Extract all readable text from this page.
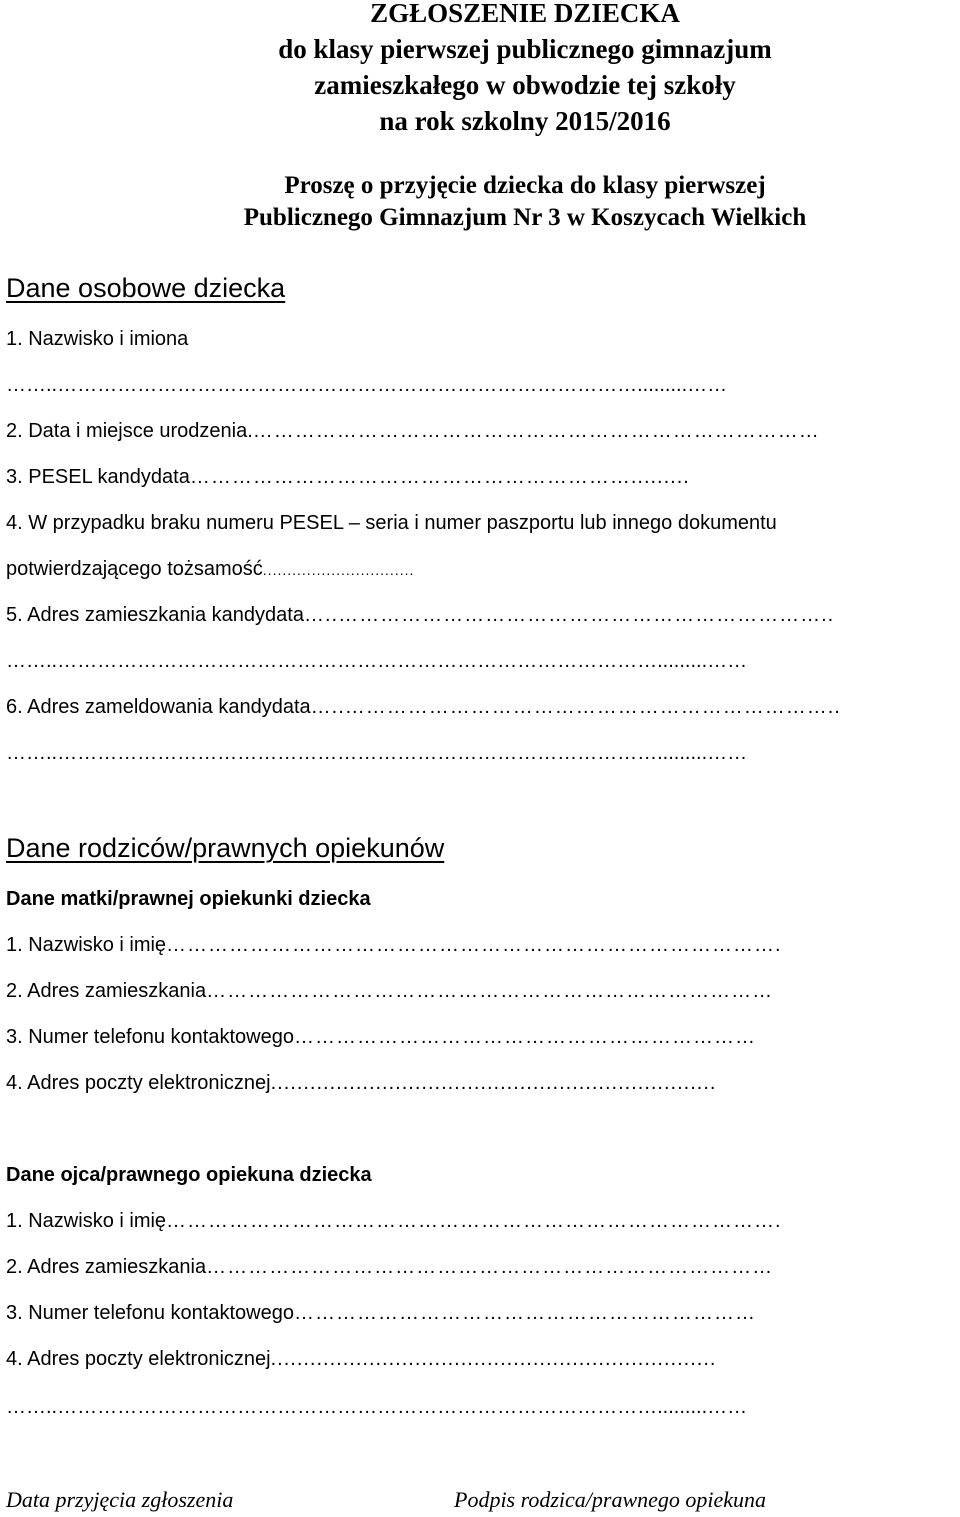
ZGŁOSZENIE DZIECKA
do klasy pierwszej publicznego gimnazjum
zamieszkałego w obwodzie tej szkoły
na rok szkolny 2015/2016
Proszę o przyjęcie dziecka do klasy pierwszej
Publicznego Gimnazjum Nr 3 w Koszycach Wielkich
Dane osobowe dziecka
1. Nazwisko i imiona
……..…………………………………………………………………………….........……
2. Data i miejsce urodzenia. ………………………………………………………………………
3. PESEL kandydata ……………………………………………………….........
4. W przypadku braku numeru PESEL – seria i numer paszportu lub innego dokumentu
potwierdzającego tożsamość ...............................
5. Adres zamieszkania kandydata …..……………………………………………………………..
……..……………………………………………………………………………….........……
6. Adres zameldowania kandydata …..……………………………………………………………..
……..……………………………………………………………………………….........……
Dane rodziców/prawnych opiekunów
Dane matki/prawnej opiekunki dziecka
1. Nazwisko i imię …………………………………………………………………………….
2. Adres zamieszkania ………………………………………………………………………
3. Numer telefonu kontaktowego …………………………………………………………
4. Adres poczty elektronicznej ....................................................................
Dane ojca/prawnego opiekuna dziecka
1. Nazwisko i imię …………………………………………………………………………….
2. Adres zamieszkania ………………………………………………………………………
3. Numer telefonu kontaktowego …………………………………………………………
4. Adres poczty elektronicznej ....................................................................
……..……………………………………………………………………………….........……
Data przyjęcia zgłoszenia	Podpis rodzica/prawnego opiekuna
